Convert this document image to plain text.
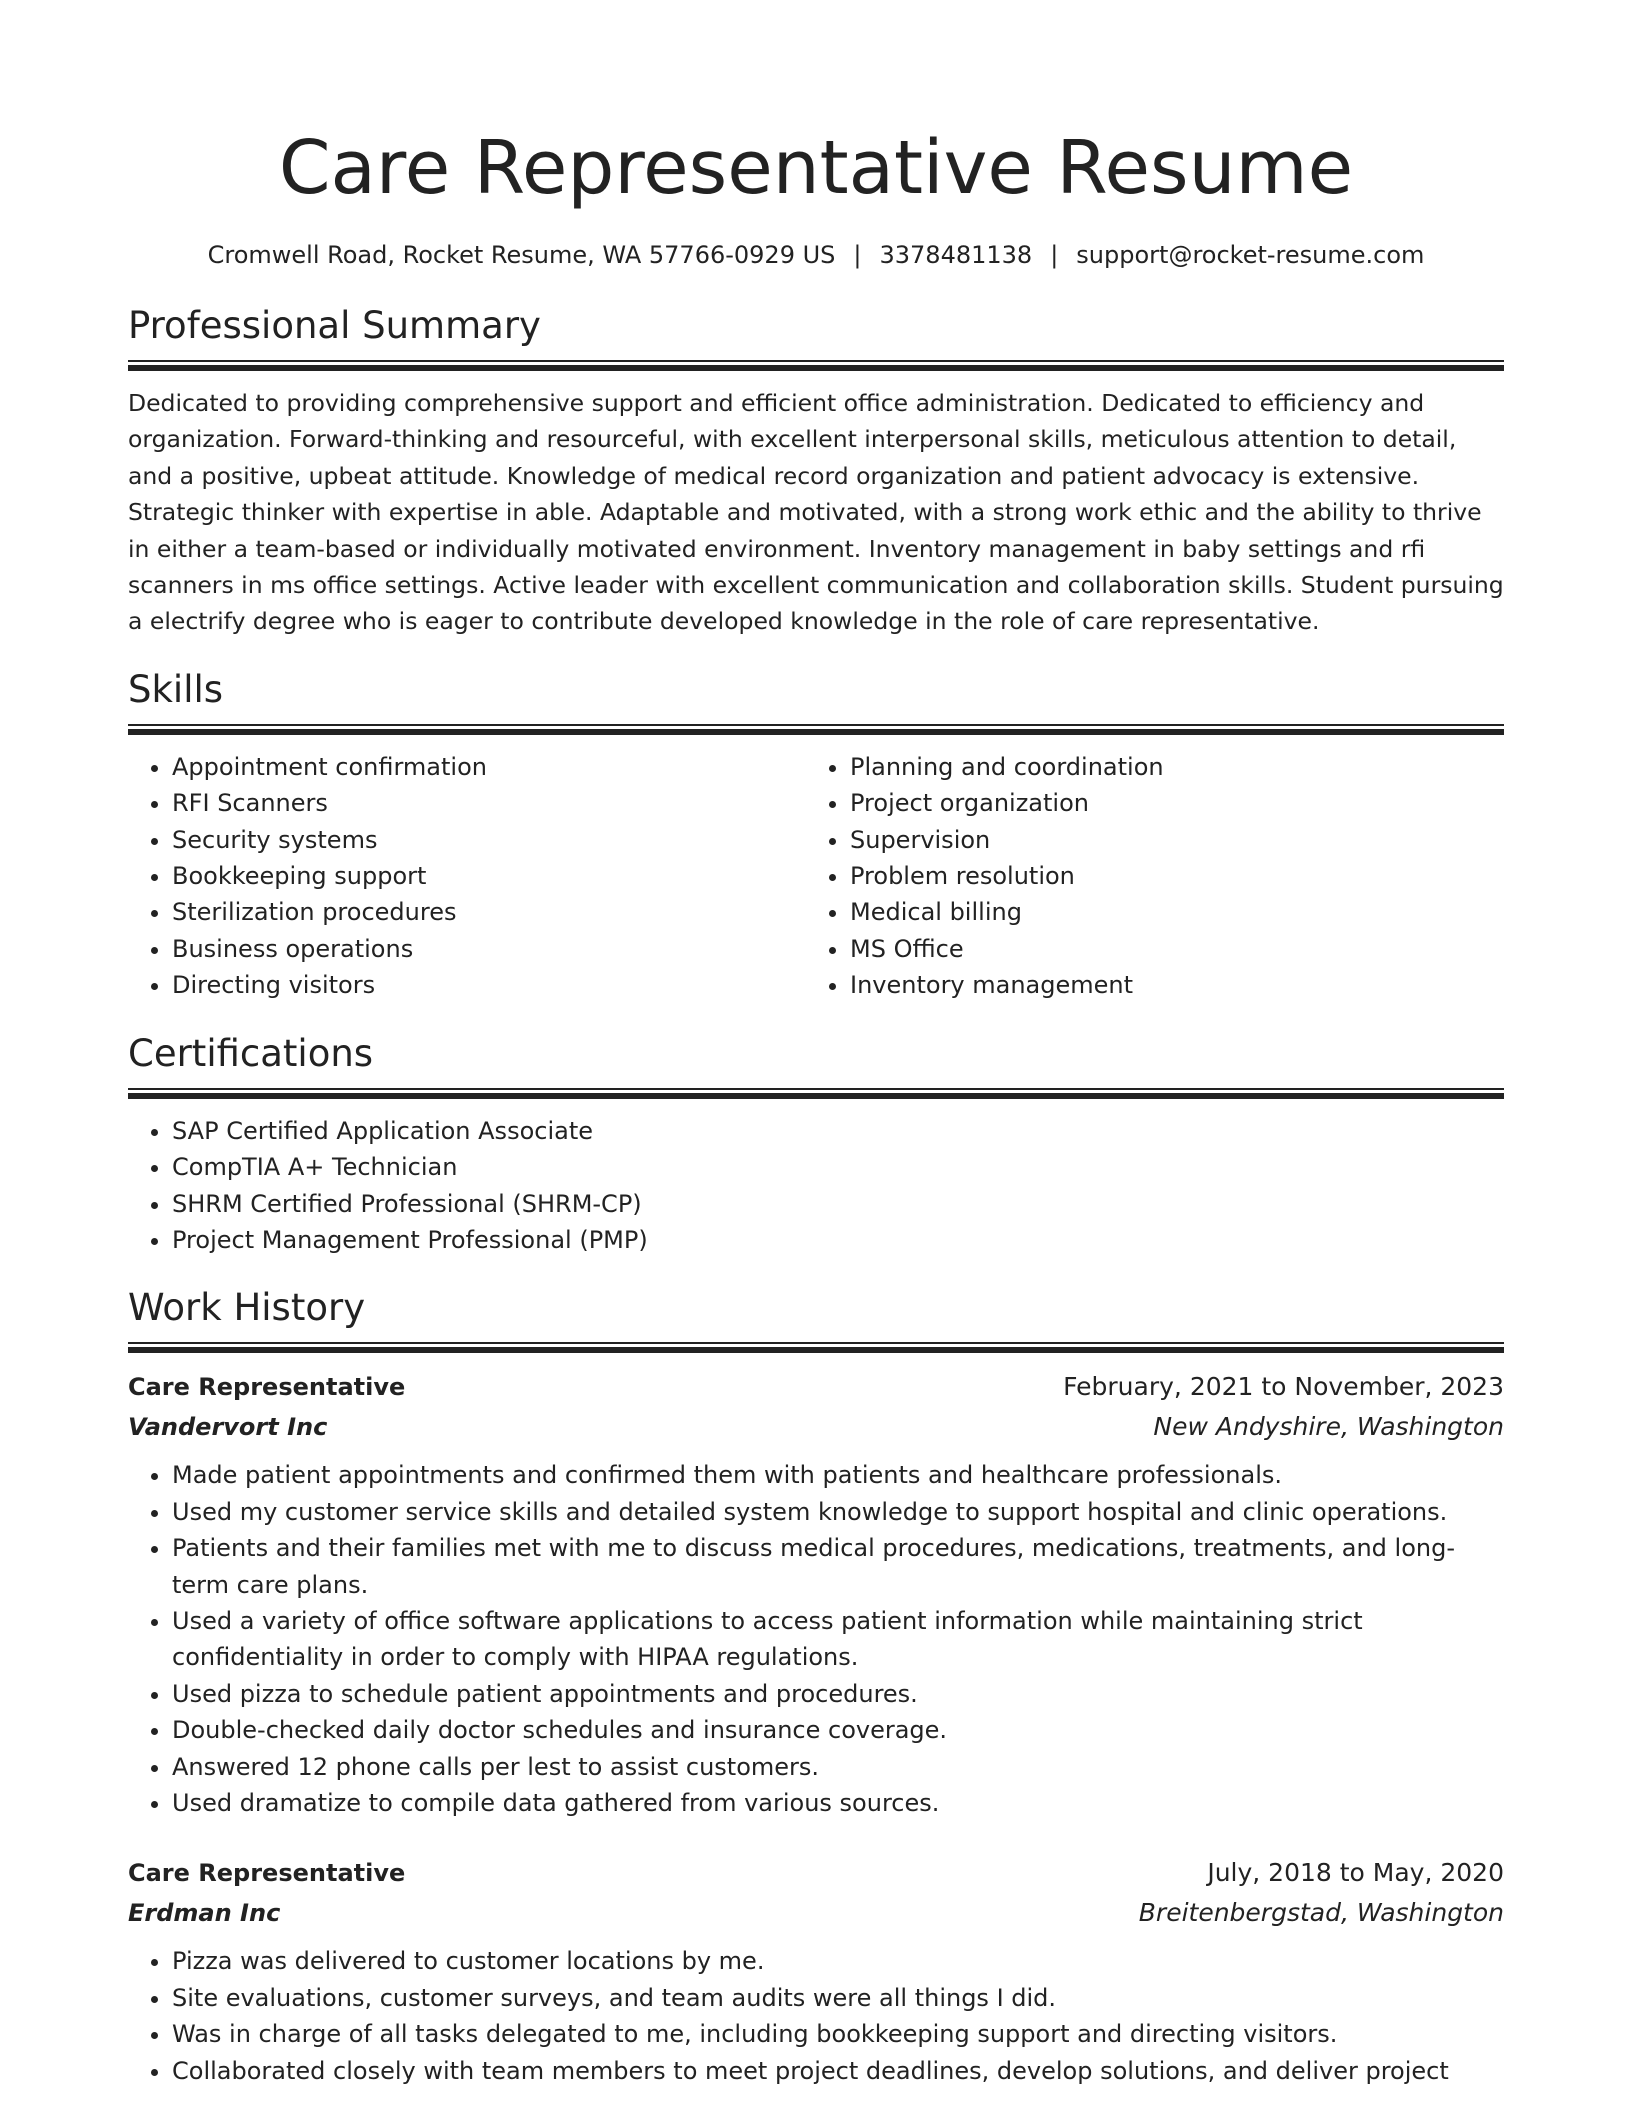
Care Representative Resume
Cromwell Road, Rocket Resume, WA 57766-0929 US | 3378481138 | support@rocket-resume.com
Professional Summary

Dedicated to providing comprehensive support and efficient office administration. Dedicated to efficiency and organization. Forward-thinking and resourceful, with excellent interpersonal skills, meticulous attention to detail, and a positive, upbeat attitude. Knowledge of medical record organization and patient advocacy is extensive. Strategic thinker with expertise in able. Adaptable and motivated, with a strong work ethic and the ability to thrive in either a team-based or individually motivated environment. Inventory management in baby settings and rfi scanners in ms office settings. Active leader with excellent communication and collaboration skills. Student pursuing a electrify degree who is eager to contribute developed knowledge in the role of care representative.

Skills
• Appointment confirmation
• RFI Scanners
• Security systems
• Bookkeeping support
• Sterilization procedures
• Business operations
• Directing visitors
• Planning and coordination
• Project organization
• Supervision
• Problem resolution
• Medical billing
• MS Office
• Inventory management
Certifications
• SAP Certified Application Associate
• CompTIA A+ Technician
• SHRM Certified Professional (SHRM-CP)
• Project Management Professional (PMP)
Work History
Care Representative	February, 2021 to November, 2023
Vandervort Inc	New Andyshire, Washington
• Made patient appointments and confirmed them with patients and healthcare professionals.
• Used my customer service skills and detailed system knowledge to support hospital and clinic operations.
• Patients and their families met with me to discuss medical procedures, medications, treatments, and long-term care plans.
• Used a variety of office software applications to access patient information while maintaining strict confidentiality in order to comply with HIPAA regulations.
• Used pizza to schedule patient appointments and procedures.
• Double-checked daily doctor schedules and insurance coverage.
• Answered 12 phone calls per lest to assist customers.
• Used dramatize to compile data gathered from various sources.
Care Representative	July, 2018 to May, 2020
Erdman Inc	Breitenbergstad, Washington
• Pizza was delivered to customer locations by me.
• Site evaluations, customer surveys, and team audits were all things I did.
• Was in charge of all tasks delegated to me, including bookkeeping support and directing visitors.
• Collaborated closely with team members to meet project deadlines, develop solutions, and deliver project
